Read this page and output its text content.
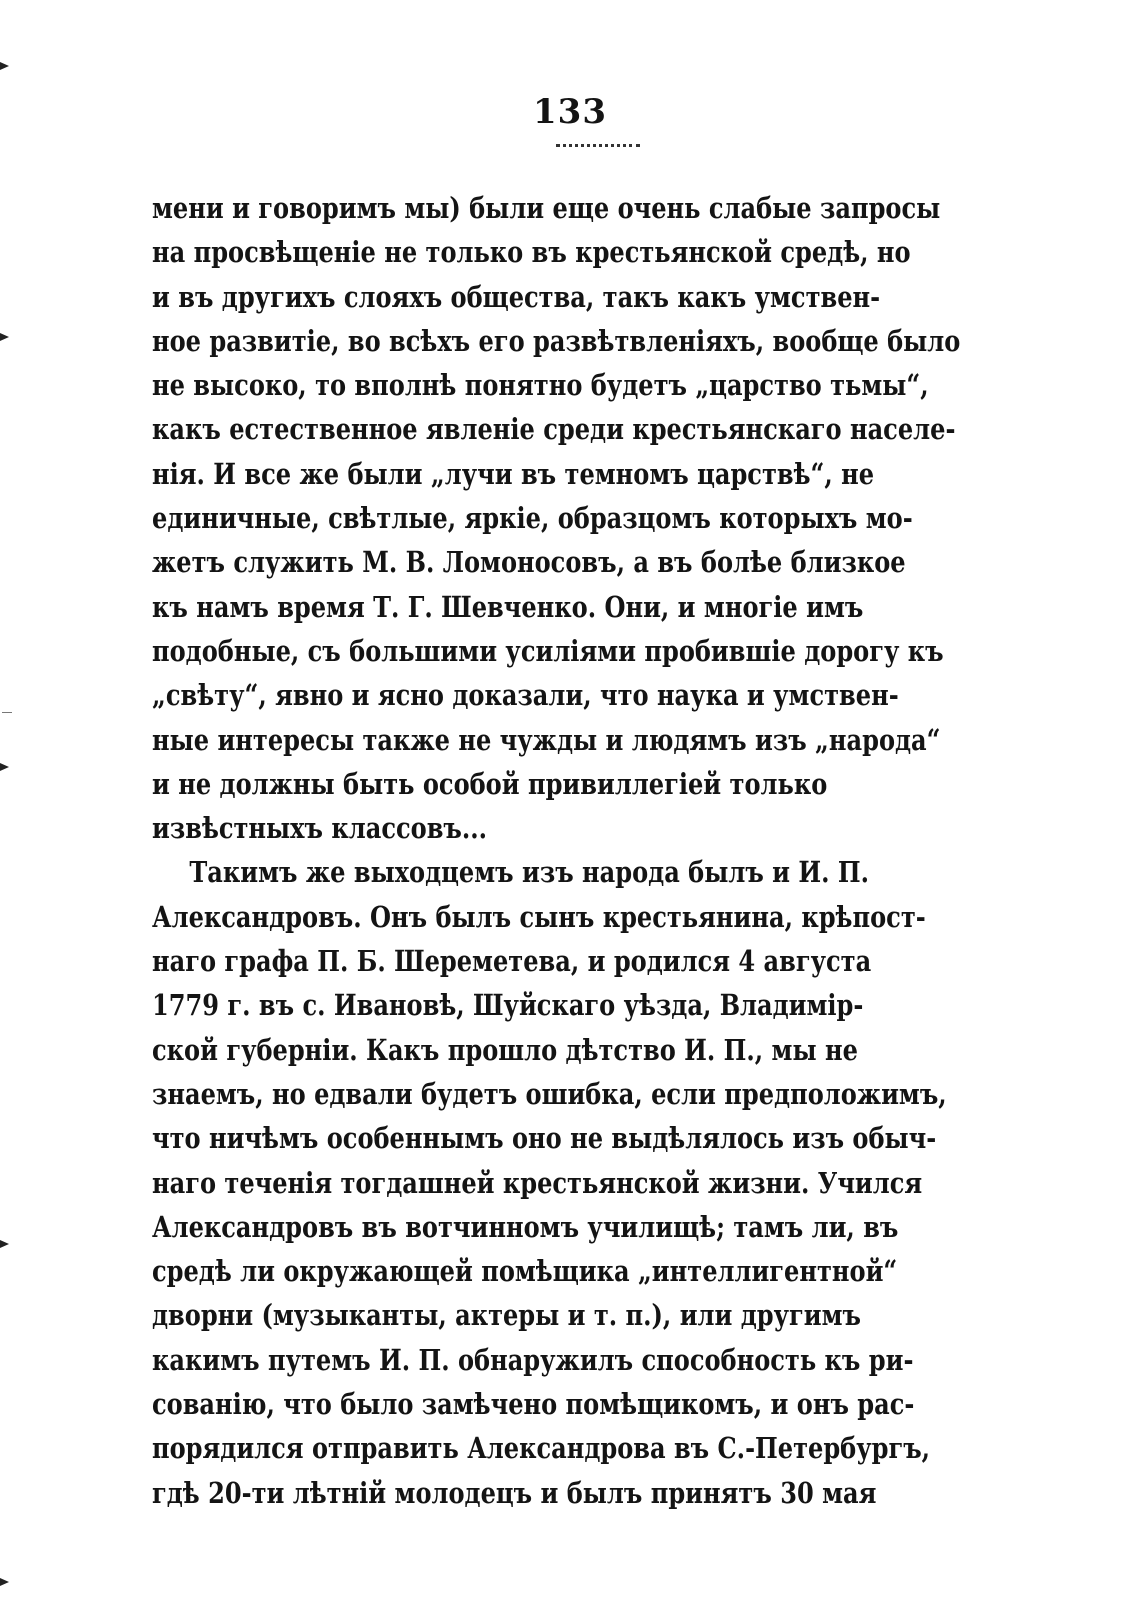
133
мени и говоримъ мы) были еще очень слабые запросы
на просвѣщеніе не только въ крестьянской средѣ, но
и въ другихъ слояхъ общества, такъ какъ умствен-
ное развитіе, во всѣхъ его развѣтвленіяхъ, вообще было
не высоко, то вполнѣ понятно будетъ „царство тьмы“,
какъ естественное явленіе среди крестьянскаго населе-
нія. И все же были „лучи въ темномъ царствѣ“, не
единичные, свѣтлые, яркіе, образцомъ которыхъ мо-
жетъ служить М. В. Ломоносовъ, а въ болѣе близкое
къ намъ время Т. Г. Шевченко. Они, и многіе имъ
подобные, съ большими усиліями пробившіе дорогу къ
„свѣту“, явно и ясно доказали, что наука и умствен-
ные интересы также не чужды и людямъ изъ „народа“
и не должны быть особой привиллегіей только
извѣстныхъ классовъ...
Такимъ же выходцемъ изъ народа былъ и И. П.
Александровъ. Онъ былъ сынъ крестьянина, крѣпост-
наго графа П. Б. Шереметева, и родился 4 августа
1779 г. въ с. Ивановѣ, Шуйскаго уѣзда, Владимір-
ской губерніи. Какъ прошло дѣтство И. П., мы не
знаемъ, но едвали будетъ ошибка, если предположимъ,
что ничѣмъ особеннымъ оно не выдѣлялось изъ обыч-
наго теченія тогдашней крестьянской жизни. Учился
Александровъ въ вотчинномъ училищѣ; тамъ ли, въ
средѣ ли окружающей помѣщика „интеллигентной“
дворни (музыканты, актеры и т. п.), или другимъ
какимъ путемъ И. П. обнаружилъ способность къ ри-
сованію, что было замѣчено помѣщикомъ, и онъ рас-
порядился отправить Александрова въ С.-Петербургъ,
гдѣ 20-ти лѣтній молодецъ и былъ принятъ 30 мая
